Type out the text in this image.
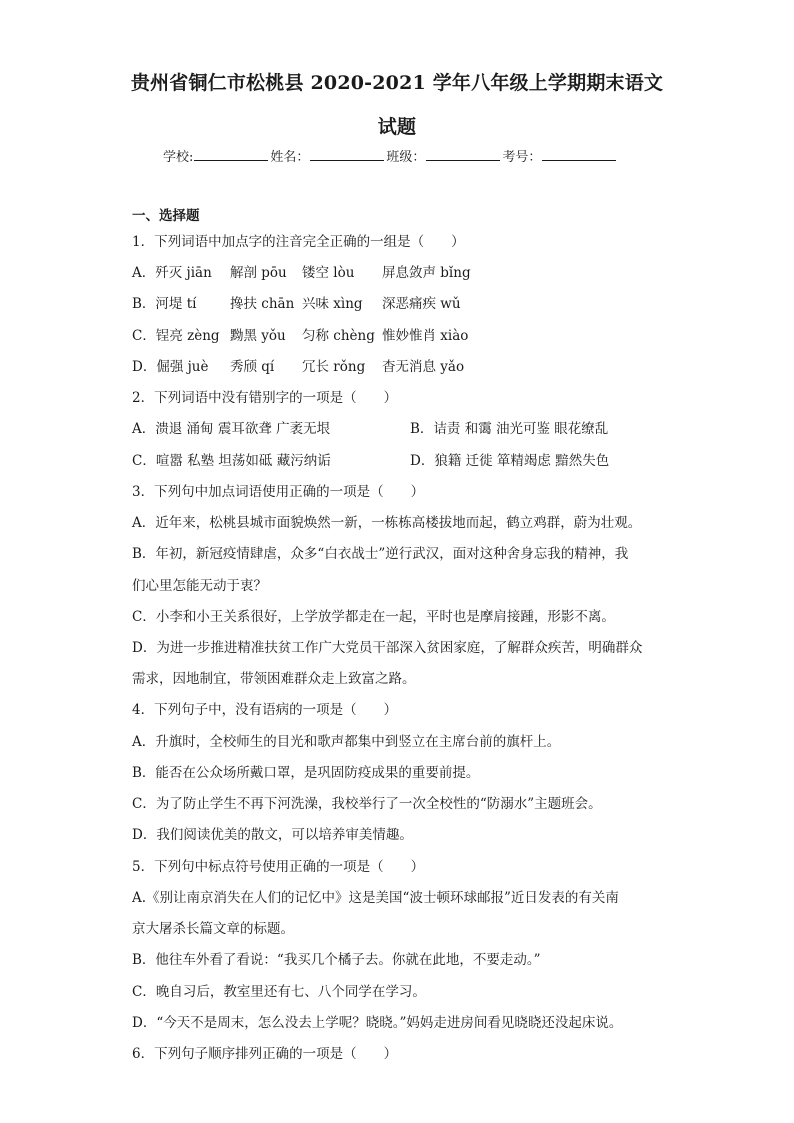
贵州省铜仁市松桃县 2020-2021 学年八年级上学期期末语文
试题
学校:	姓名：	班级：	考号：
一、选择题
1．下列词语中加点字的注音完全正确的一组是（　　）
A．歼灭 jiān 解剖 pōu 镂空 lòu 屏息敛声 bǐng
B．河堤 tí 搀扶 chān 兴味 xìng 深恶痛疾 wǔ
C．锃亮 zèng 黝黑 yǒu 匀称 chèng 惟妙惟肖 xiào
D．倔强 juè 秀颀 qí 冗长 rǒng 杳无消息 yǎo
2．下列词语中没有错别字的一项是（　　）
A．溃退 涌甸 震耳欲聋 广袤无垠	B．诘责 和霭 油光可鉴 眼花缭乱
C．喧嚣 私塾 坦荡如砥 藏污纳诟	D．狼籍 迁徙 箪精竭虑 黯然失色
3．下列句中加点词语使用正确的一项是（　　）
A．近年来，松桃县城市面貌焕然一新，一栋栋高楼拔地而起，鹤立鸡群，蔚为壮观。
B．年初，新冠疫情肆虐，众多“白衣战士”逆行武汉，面对这种舍身忘我的精神，我
们心里怎能无动于衷？
C．小李和小王关系很好，上学放学都走在一起，平时也是摩肩接踵，形影不离。
D．为进一步推进精准扶贫工作广大党员干部深入贫困家庭，了解群众疾苦，明确群众
需求，因地制宜，带领困难群众走上致富之路。
4．下列句子中，没有语病的一项是（　　）
A．升旗时，全校师生的目光和歌声都集中到竖立在主席台前的旗杆上。
B．能否在公众场所戴口罩，是巩固防疫成果的重要前提。
C．为了防止学生不再下河洗澡，我校举行了一次全校性的“防溺水”主题班会。
D．我们阅读优美的散文，可以培养审美情趣。
5．下列句中标点符号使用正确的一项是（　　）
A.《别让南京消失在人们的记忆中》这是美国“波士顿环球邮报”近日发表的有关南
京大屠杀长篇文章的标题。
B．他往车外看了看说：“我买几个橘子去。你就在此地，不要走动。”
C．晚自习后，教室里还有七、八个同学在学习。
D．“今天不是周末，怎么没去上学呢？晓晓。”妈妈走进房间看见晓晓还没起床说。
6．下列句子顺序排列正确的一项是（　　）
